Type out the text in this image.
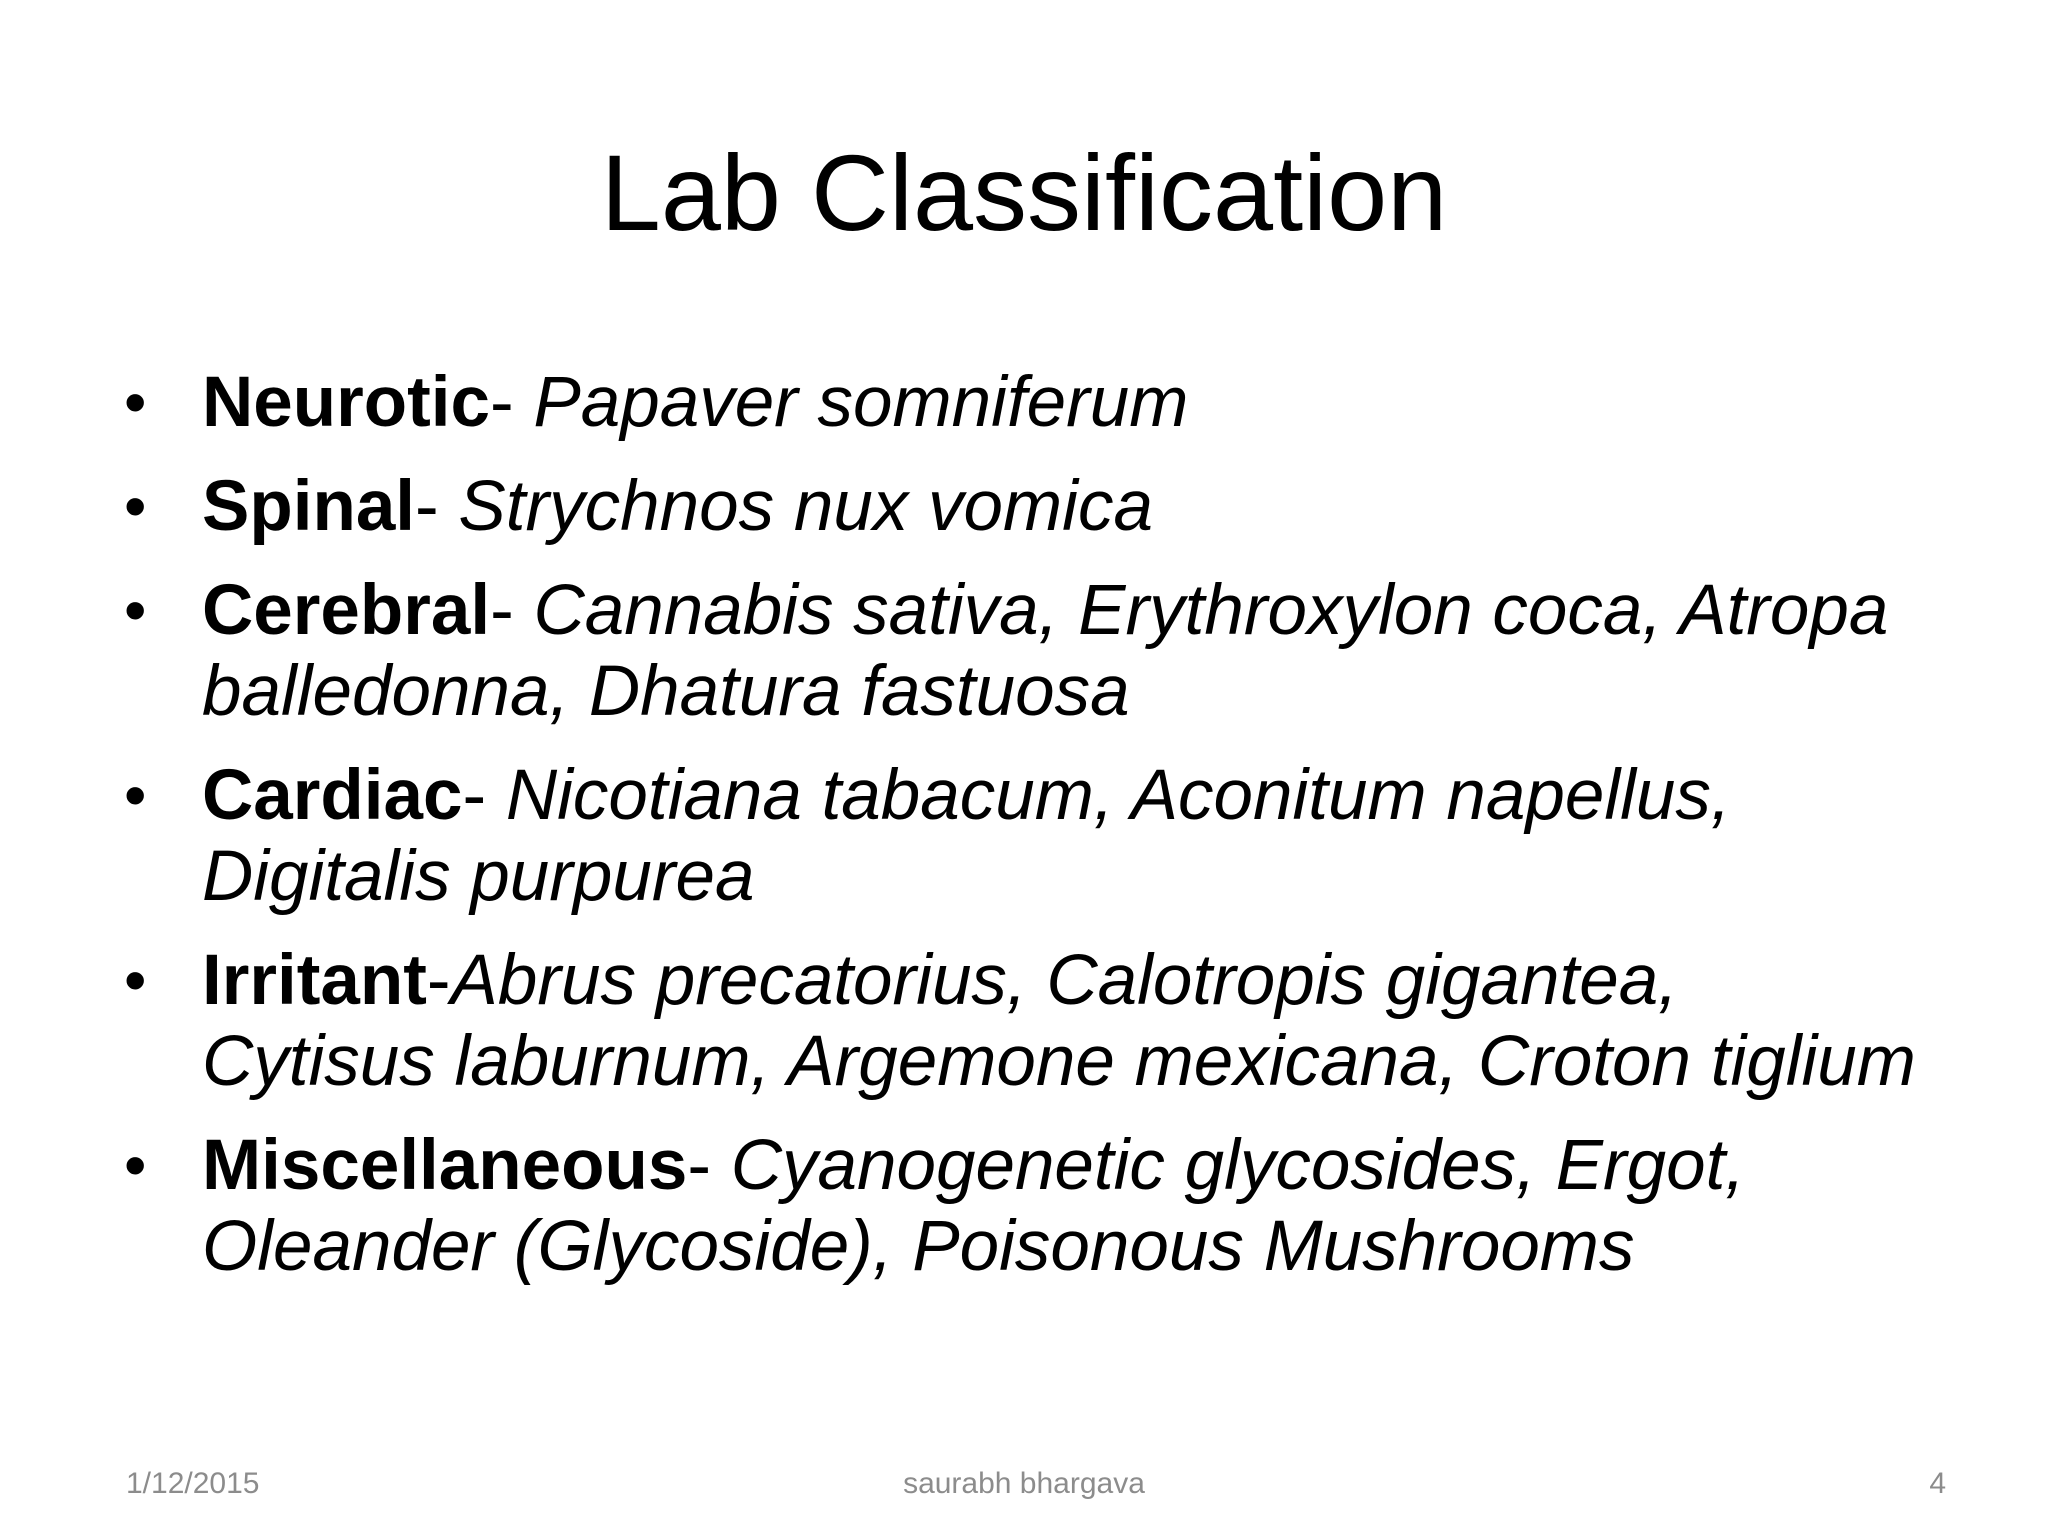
Lab Classification
• Neurotic- Papaver somniferum
• Spinal- Strychnos nux vomica
• Cerebral- Cannabis sativa, Erythroxylon coca, Atropa balledonna, Dhatura fastuosa
• Cardiac- Nicotiana tabacum, Aconitum napellus, Digitalis purpurea
• Irritant-Abrus precatorius, Calotropis gigantea, Cytisus laburnum, Argemone mexicana, Croton tiglium
• Miscellaneous- Cyanogenetic glycosides, Ergot, Oleander (Glycoside), Poisonous Mushrooms
saurabh bhargava
1/12/2015	4
